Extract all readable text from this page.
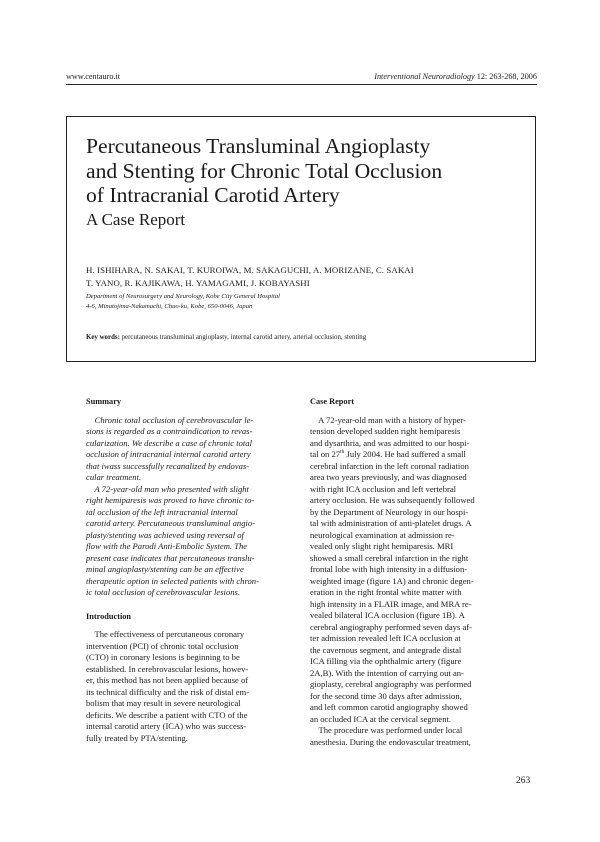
www.centauro.it	Interventional Neuroradiology 12: 263-268, 2006
Percutaneous Transluminal Angioplasty
and Stenting for Chronic Total Occlusion
of Intracranial Carotid Artery
A Case Report
H. ISHIHARA, N. SAKAI, T. KUROIWA, M. SAKAGUCHI, A. MORIZANE, C. SAKAI
T. YANO, R. KAJIKAWA, H. YAMAGAMI, J. KOBAYASHI
Department of Neurosurgery and Neurology, Kobe City General Hospital
4-6, Minatojima-Nakamachi, Chuo-ku, Kobe, 650-0046, Japan
Key words: percutaneous transluminal angioplasty, internal carotid artery, arterial occlusion, stenting
Summary
Chronic total occlusion of cerebrovascular le-
sions is regarded as a contraindication to revas-
cularization. We describe a case of chronic total
occlusion of intracranial internal carotid artery
that iwass successfully recanalized by endovas-
cular treatment.
A 72-year-old man who presented with slight
right hemiparesis was proved to have chronic to-
tal occlusion of the left intracranial internal
carotid artery. Percutaneous transluminal angio-
plasty/stenting was achieved using reversal of
flow with the Parodi Anti-Embolic System. The
present case indicates that percutaneous translu-
minal angioplasty/stenting can be an effective
therapeutic option in selected patients with chron-
ic total occlusion of cerebrovascular lesions.
Introduction
The effectiveness of percutaneous coronary
intervention (PCI) of chronic total occlusion
(CTO) in coronary lesions is beginning to be
established. In cerebrovascular lesions, howev-
er, this method has not been applied because of
its technical difficulty and the risk of distal em-
bolism that may result in severe neurological
deficits. We describe a patient with CTO of the
internal carotid artery (ICA) who was success-
fully treated by PTA/stenting.
Case Report
A 72-year-old man with a history of hyper-
tension developed sudden right hemiparesis
and dysarthria, and was admitted to our hospi-
tal on 27th July 2004. He had suffered a small
cerebral infarction in the left coronal radiation
area two years previously, and was diagnosed
with right ICA occlusion and left vertebral
artery occlusion. He was subsequently followed
by the Department of Neurology in our hospi-
tal with administration of anti-platelet drugs. A
neurological examination at admission re-
vealed only slight right hemiparesis. MRI
showed a small cerebral infarction in the right
frontal lobe with high intensity in a diffusion-
weighted image (figure 1A) and chronic degen-
eration in the right frontal white matter with
high intensity in a FLAIR image, and MRA re-
vealed bilateral ICA occlusion (figure 1B). A
cerebral angiography performed seven days af-
ter admission revealed left ICA occlusion at
the cavernous segment, and antegrade distal
ICA filling via the ophthalmic artery (figure
2A,B). With the intention of carrying out an-
gioplasty, cerebral angiography was performed
for the second time 30 days after admission,
and left common carotid angiography showed
an occluded ICA at the cervical segment.
The procedure was performed under local
anesthesia. During the endovascular treatment,
263
